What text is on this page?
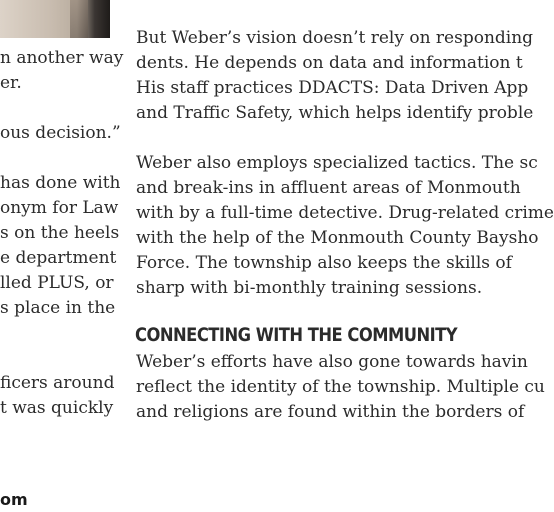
n another way
er.
ous decision.”
has done with
onym for Law
s on the heels
e department
lled PLUS, or
s place in the
ficers around
t was quickly
But Weber’s vision doesn’t rely on responding
dents. He depends on data and information t
His staff practices DDACTS: Data Driven App
and Traffic Safety, which helps identify proble
Weber also employs specialized tactics. The sc
and break-ins in affluent areas of Monmouth
with by a full-time detective. Drug-related crime
with the help of the Monmouth County Baysho
Force. The township also keeps the skills of
sharp with bi-monthly training sessions.
CONNECTING WITH THE COMMUNITY
Weber’s efforts have also gone towards havin
reflect the identity of the township. Multiple cu
and religions are found within the borders of
om
